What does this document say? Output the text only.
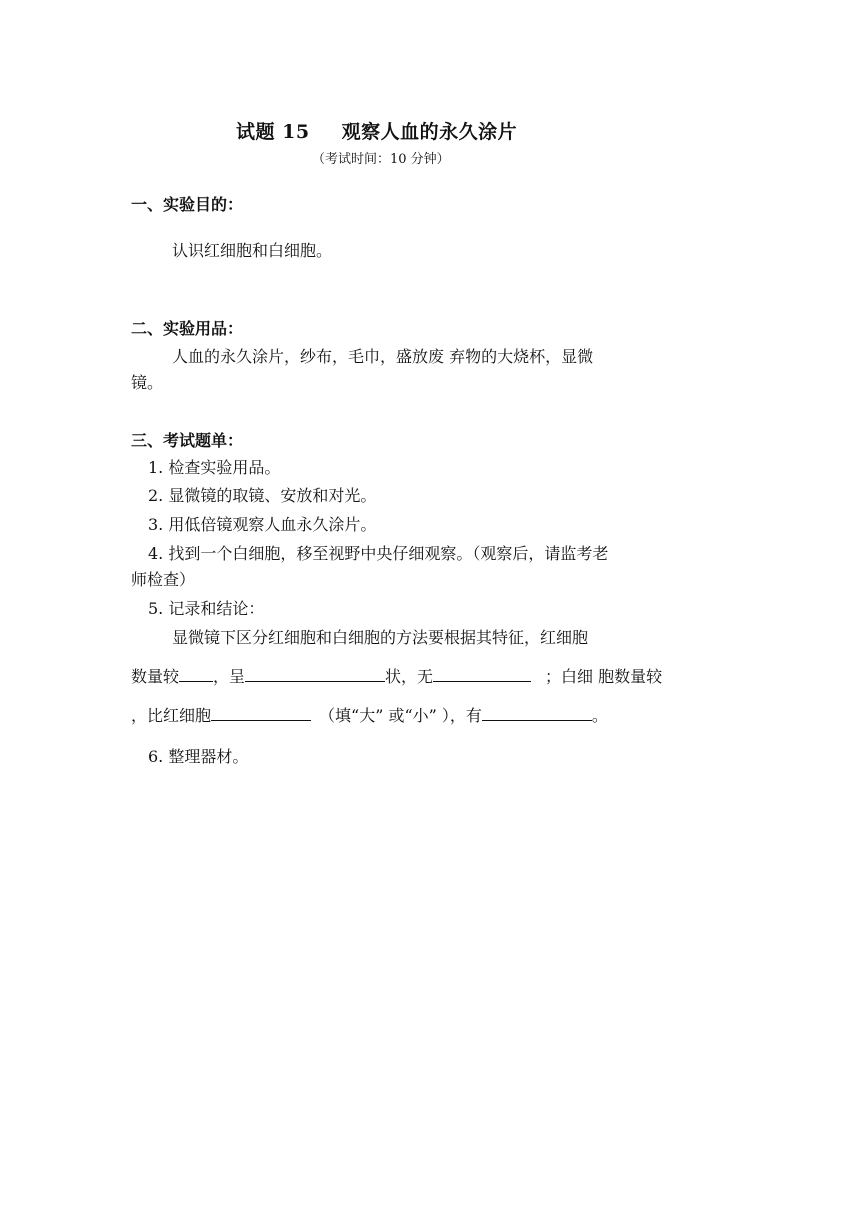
试题 15 观察人血的永久涂片
（考试时间：10 分钟）
一、实验目的：
认识红细胞和白细胞。
二、实验用品：
人血的永久涂片，纱布，毛巾，盛放废 弃物的大烧杯，显微
镜。
三、考试题单：
1. 检查实验用品。
2. 显微镜的取镜、安放和对光。
3. 用低倍镜观察人血永久涂片。
4. 找到一个白细胞，移至视野中央仔细观察。（观察后，请监考老
师检查）
5. 记录和结论：
显微镜下区分红细胞和白细胞的方法要根据其特征，红细胞
数量较 ，呈	状，无	；白细 胞数量较
，比红细胞	（填“大” 或“小” ），有	。
6. 整理器材。
